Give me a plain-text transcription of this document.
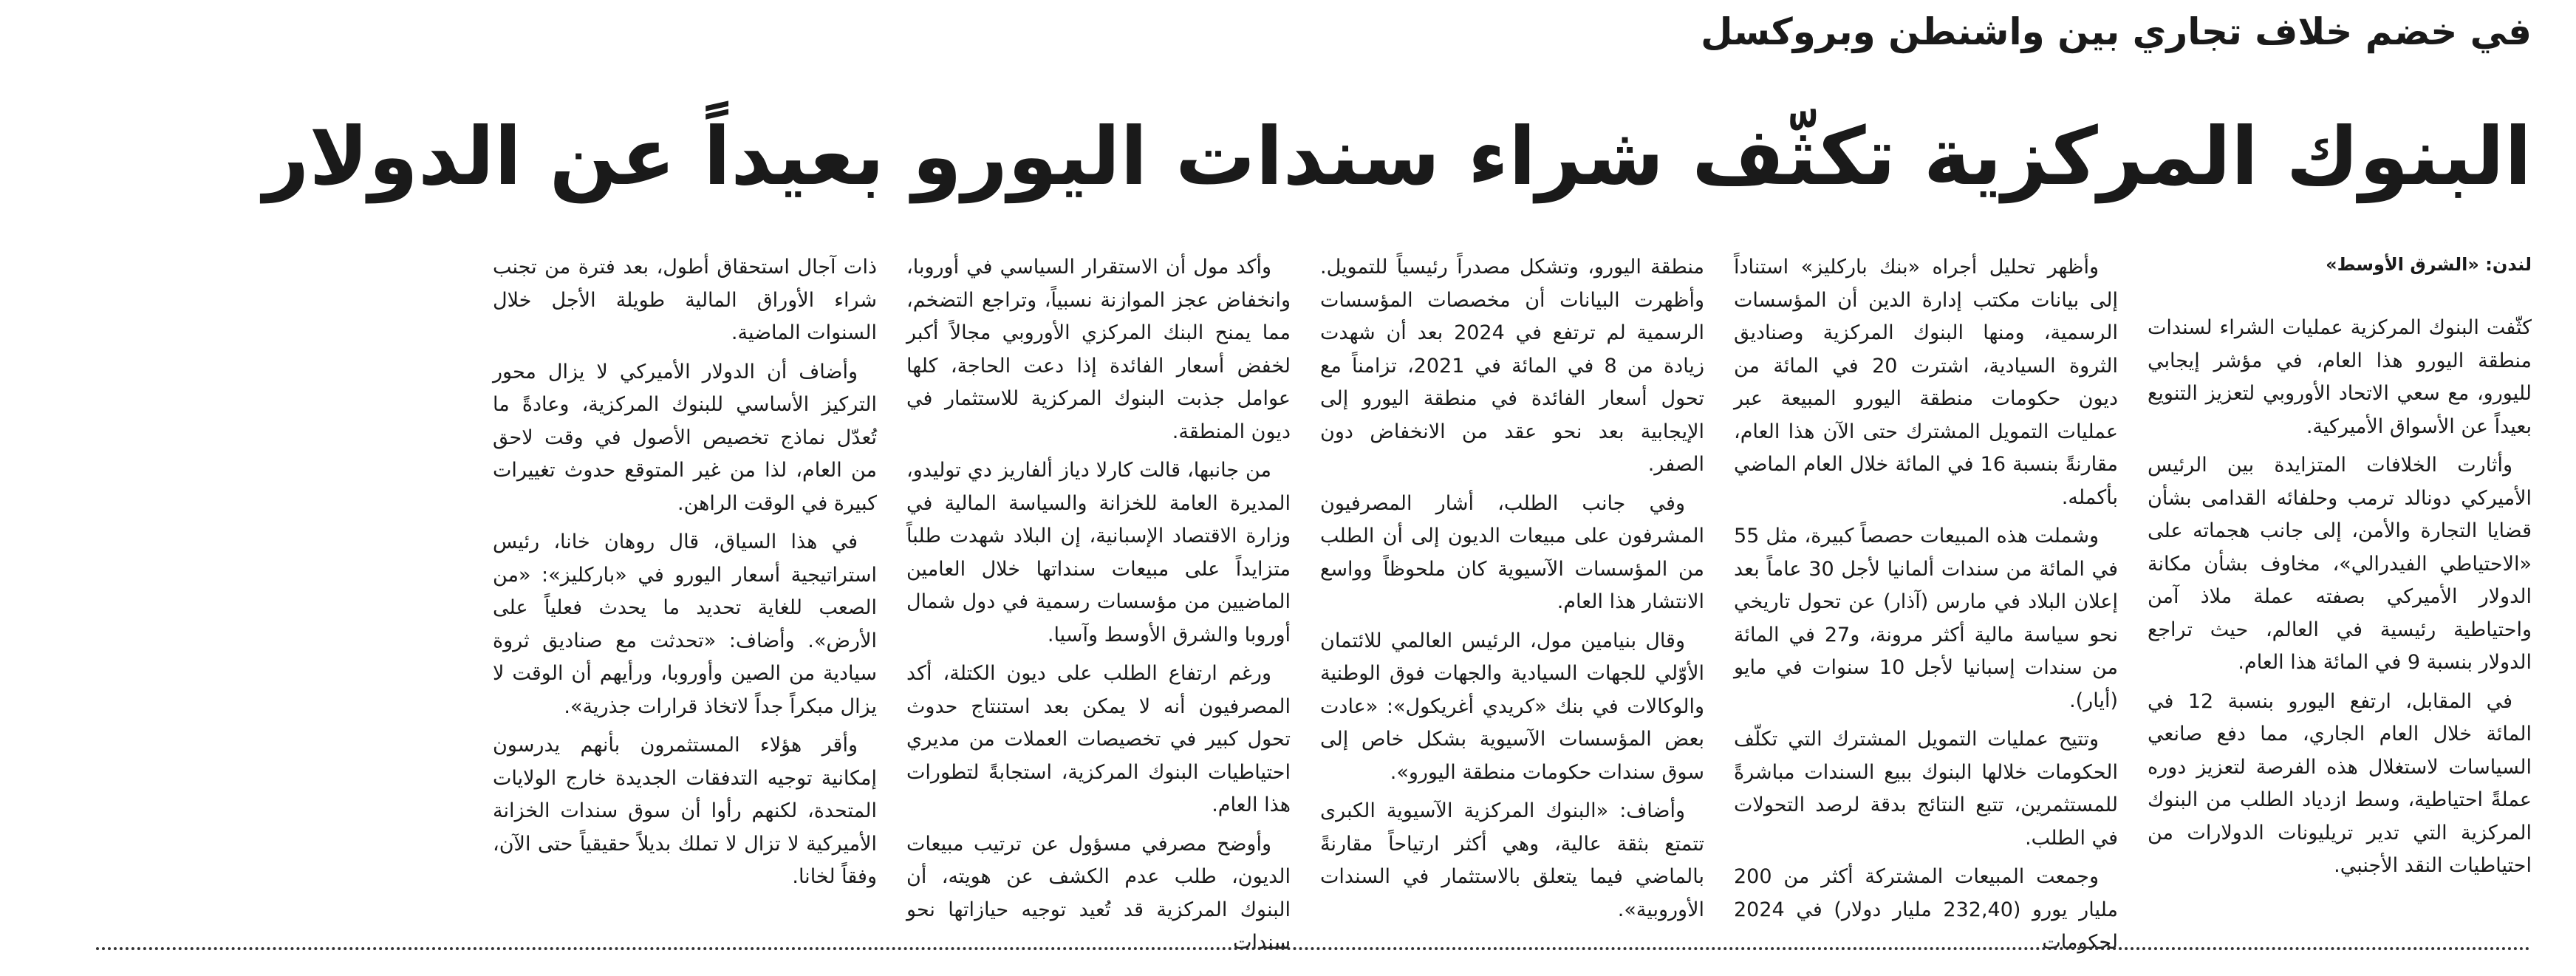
في خضم خلاف تجاري بين واشنطن وبروكسل
البنوك المركزية تكثّف شراء سندات اليورو بعيداً عن الدولار
لندن: «الشرق الأوسط»

كثّفت البنوك المركزية عمليات الشراء لسندات منطقة اليورو هذا العام، في مؤشر إيجابي لليورو، مع سعي الاتحاد الأوروبي لتعزيز التنويع بعيداً عن الأسواق الأميركية.

وأثارت الخلافات المتزايدة بين الرئيس الأميركي دونالد ترمب وحلفائه القدامى بشأن قضايا التجارة والأمن، إلى جانب هجماته على «الاحتياطي الفيدرالي»، مخاوف بشأن مكانة الدولار الأميركي بصفته عملة ملاذ آمن واحتياطية رئيسية في العالم، حيث تراجع الدولار بنسبة 9 في المائة هذا العام.

في المقابل، ارتفع اليورو بنسبة 12 في المائة خلال العام الجاري، مما دفع صانعي السياسات لاستغلال هذه الفرصة لتعزيز دوره عملةً احتياطية، وسط ازدياد الطلب من البنوك المركزية التي تدير تريليونات الدولارات من احتياطيات النقد الأجنبي.

وأظهر تحليل أجراه «بنك باركليز» استناداً إلى بيانات مكتب إدارة الدين أن المؤسسات الرسمية، ومنها البنوك المركزية وصناديق الثروة السيادية، اشترت 20 في المائة من ديون حكومات منطقة اليورو المبيعة عبر عمليات التمويل المشترك حتى الآن هذا العام، مقارنةً بنسبة 16 في المائة خلال العام الماضي بأكمله.

وشملت هذه المبيعات حصصاً كبيرة، مثل 55 في المائة من سندات ألمانيا لأجل 30 عاماً بعد إعلان البلاد في مارس (آذار) عن تحول تاريخي نحو سياسة مالية أكثر مرونة، و27 في المائة من سندات إسبانيا لأجل 10 سنوات في مايو (أيار).

وتتيح عمليات التمويل المشترك التي تكلّف الحكومات خلالها البنوك ببيع السندات مباشرةً للمستثمرين، تتبع النتائج بدقة لرصد التحولات في الطلب.

وجمعت المبيعات المشتركة أكثر من 200 مليار يورو (232,40 مليار دولار) في 2024 لحكومات

منطقة اليورو، وتشكل مصدراً رئيسياً للتمويل. وأظهرت البيانات أن مخصصات المؤسسات الرسمية لم ترتفع في 2024 بعد أن شهدت زيادة من 8 في المائة في 2021، تزامناً مع تحول أسعار الفائدة في منطقة اليورو إلى الإيجابية بعد نحو عقد من الانخفاض دون الصفر.

وفي جانب الطلب، أشار المصرفيون المشرفون على مبيعات الديون إلى أن الطلب من المؤسسات الآسيوية كان ملحوظاً وواسع الانتشار هذا العام.

وقال بنيامين مول، الرئيس العالمي للائتمان الأوّلي للجهات السيادية والجهات فوق الوطنية والوكالات في بنك «كريدي أغريكول»: «عادت بعض المؤسسات الآسيوية بشكل خاص إلى سوق سندات حكومات منطقة اليورو».

وأضاف: «البنوك المركزية الآسيوية الكبرى تتمتع بثقة عالية، وهي أكثر ارتياحاً مقارنةً بالماضي فيما يتعلق بالاستثمار في السندات الأوروبية».

وأكد مول أن الاستقرار السياسي في أوروبا، وانخفاض عجز الموازنة نسبياً، وتراجع التضخم، مما يمنح البنك المركزي الأوروبي مجالاً أكبر لخفض أسعار الفائدة إذا دعت الحاجة، كلها عوامل جذبت البنوك المركزية للاستثمار في ديون المنطقة.

من جانبها، قالت كارلا دياز ألفاريز دي توليدو، المديرة العامة للخزانة والسياسة المالية في وزارة الاقتصاد الإسبانية، إن البلاد شهدت طلباً متزايداً على مبيعات سنداتها خلال العامين الماضيين من مؤسسات رسمية في دول شمال أوروبا والشرق الأوسط وآسيا.

ورغم ارتفاع الطلب على ديون الكتلة، أكد المصرفيون أنه لا يمكن بعد استنتاج حدوث تحول كبير في تخصيصات العملات من مديري احتياطيات البنوك المركزية، استجابةً لتطورات هذا العام.

وأوضح مصرفي مسؤول عن ترتيب مبيعات الديون، طلب عدم الكشف عن هويته، أن البنوك المركزية قد تُعيد توجيه حيازاتها نحو سندات

ذات آجال استحقاق أطول، بعد فترة من تجنب شراء الأوراق المالية طويلة الأجل خلال السنوات الماضية.

وأضاف أن الدولار الأميركي لا يزال محور التركيز الأساسي للبنوك المركزية، وعادةً ما تُعدّل نماذج تخصيص الأصول في وقت لاحق من العام، لذا من غير المتوقع حدوث تغييرات كبيرة في الوقت الراهن.

في هذا السياق، قال روهان خانا، رئيس استراتيجية أسعار اليورو في «باركليز»: «من الصعب للغاية تحديد ما يحدث فعلياً على الأرض». وأضاف: «تحدثت مع صناديق ثروة سيادية من الصين وأوروبا، ورأيهم أن الوقت لا يزال مبكراً جداً لاتخاذ قرارات جذرية».

وأقر هؤلاء المستثمرون بأنهم يدرسون إمكانية توجيه التدفقات الجديدة خارج الولايات المتحدة، لكنهم رأوا أن سوق سندات الخزانة الأميركية لا تزال لا تملك بديلاً حقيقياً حتى الآن، وفقاً لخانا.
